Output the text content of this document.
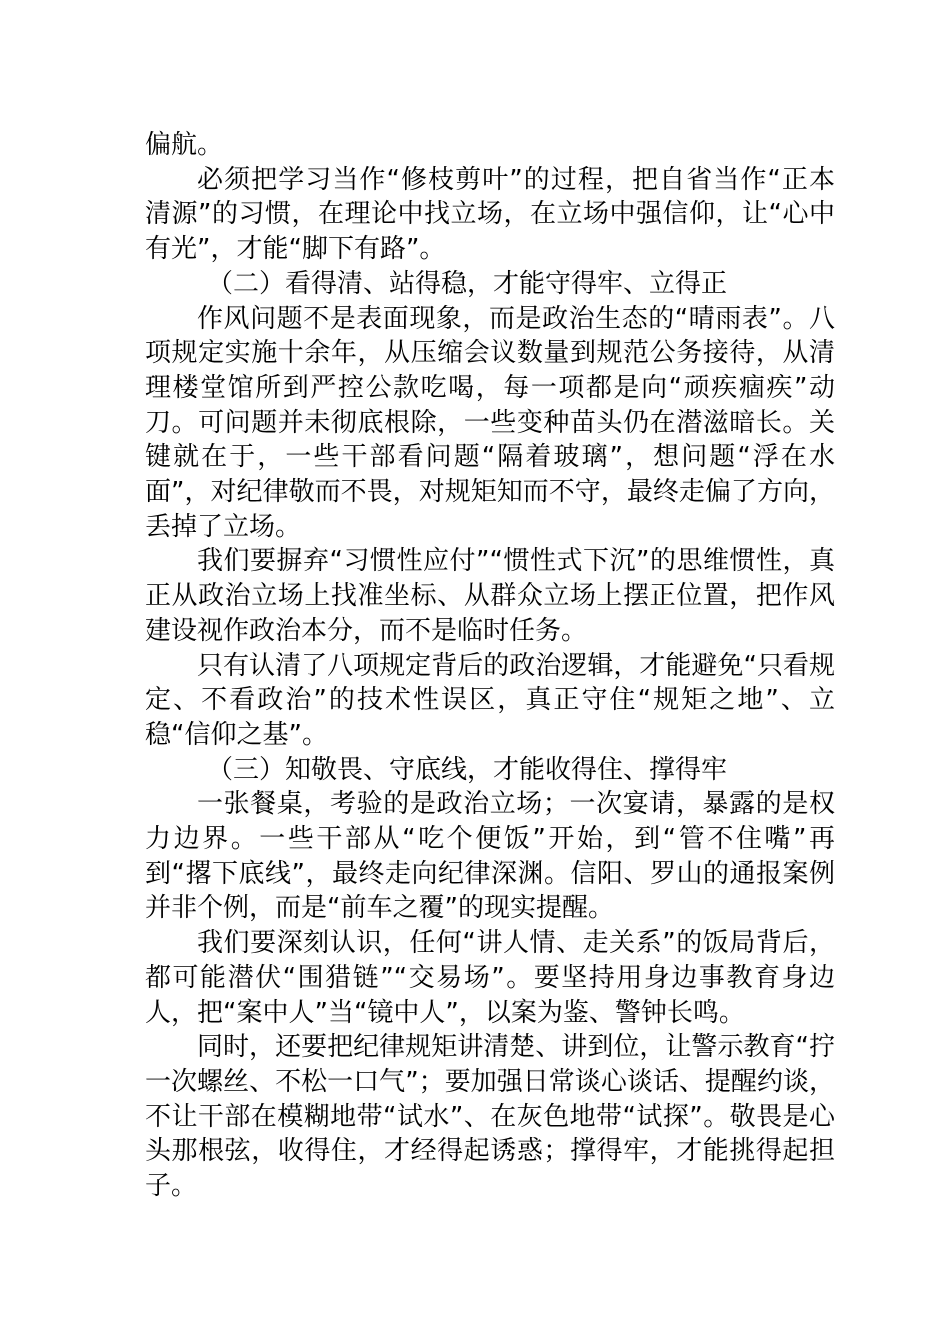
偏航。

必须把学习当作“修枝剪叶”的过程，把自省当作“正本清源”的习惯，在理论中找立场，在立场中强信仰，让“心中有光”，才能“脚下有路”。

（二）看得清、站得稳，才能守得牢、立得正

作风问题不是表面现象，而是政治生态的“晴雨表”。八项规定实施十余年，从压缩会议数量到规范公务接待，从清理楼堂馆所到严控公款吃喝，每一项都是向“顽疾痼疾”动刀。可问题并未彻底根除，一些变种苗头仍在潜滋暗长。关键就在于，一些干部看问题“隔着玻璃”，想问题“浮在水面”，对纪律敬而不畏，对规矩知而不守，最终走偏了方向，丢掉了立场。

我们要摒弃“习惯性应付”“惯性式下沉”的思维惯性，真正从政治立场上找准坐标、从群众立场上摆正位置，把作风建设视作政治本分，而不是临时任务。

只有认清了八项规定背后的政治逻辑，才能避免“只看规定、不看政治”的技术性误区，真正守住“规矩之地”、立稳“信仰之基”。

（三）知敬畏、守底线，才能收得住、撑得牢

一张餐桌，考验的是政治立场；一次宴请，暴露的是权力边界。一些干部从“吃个便饭”开始，到“管不住嘴”再到“撂下底线”，最终走向纪律深渊。信阳、罗山的通报案例并非个例，而是“前车之覆”的现实提醒。

我们要深刻认识，任何“讲人情、走关系”的饭局背后，都可能潜伏“围猎链”“交易场”。要坚持用身边事教育身边人，把“案中人”当“镜中人”，以案为鉴、警钟长鸣。

同时，还要把纪律规矩讲清楚、讲到位，让警示教育“拧一次螺丝、不松一口气”；要加强日常谈心谈话、提醒约谈，不让干部在模糊地带“试水”、在灰色地带“试探”。敬畏是心头那根弦，收得住，才经得起诱惑；撑得牢，才能挑得起担子。
